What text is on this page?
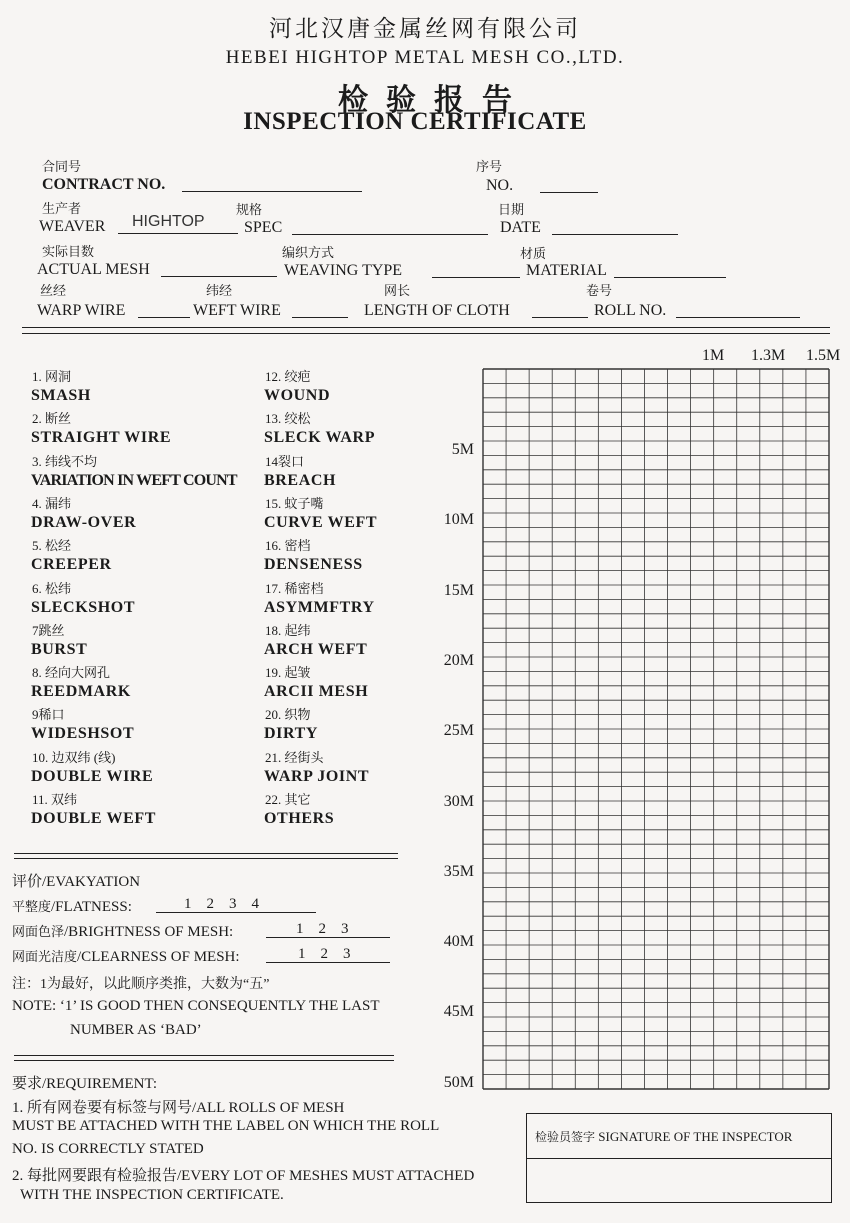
河北汉唐金属丝网有限公司
HEBEI HIGHTOP METAL MESH CO.,LTD.
检验报告
INSPECTION CERTIFICATE
合同号
CONTRACT NO.
序号
NO.
生产者
WEAVER HIGHTOP
规格
SPEC
日期
DATE
实际目数
ACTUAL MESH
编织方式
WEAVING TYPE
材质
MATERIAL
丝经
WARP WIRE
纬经
WEFT WIRE
网长
LENGTH OF CLOTH
卷号
ROLL NO.
1. 网洞
SMASH
2. 断丝
STRAIGHT WIRE
3. 纬线不均
VARIATION IN WEFT COUNT
4. 漏纬
DRAW-OVER
5. 松经
CREEPER
6. 松纬
SLECKSHOT
7跳丝
BURST
8. 经向大网孔
REEDMARK
9稀口
WIDESHSOT
10. 边双纬 (线)
DOUBLE WIRE
11. 双纬
DOUBLE WEFT
12. 绞疤
WOUND
13. 绞松
SLECK WARP
14裂口
BREACH
15. 蚊子嘴
CURVE WEFT
16. 密档
DENSENESS
17. 稀密档
ASYMMFTRY
18. 起纬
ARCH WEFT
19. 起皱
ARCII MESH
20. 织物
DIRTY
21. 经街头
WARP JOINT
22. 其它
OTHERS
1M 1.3M 1.5M
5M
10M
15M
20M
25M
30M
35M
40M
45M
50M
评价/EVAKYATION
平整度/FLATNESS:	1    2    3    4
网面色泽/BRIGHTNESS OF MESH:	1    2    3
网面光洁度/CLEARNESS OF MESH:	1    2    3
注：1为最好，以此顺序类推，大数为“五”
NOTE: ‘1’ IS GOOD THEN CONSEQUENTLY THE LAST
NUMBER AS ‘BAD’
要求/REQUIREMENT:
1. 所有网卷要有标签与网号/ALL ROLLS OF MESH
MUST BE ATTACHED WITH THE LABEL ON WHICH THE ROLL
NO. IS CORRECTLY STATED
2. 每批网要跟有检验报告/EVERY LOT OF MESHES MUST ATTACHED
WITH THE INSPECTION CERTIFICATE.
检验员签字 SIGNATURE OF THE INSPECTOR
